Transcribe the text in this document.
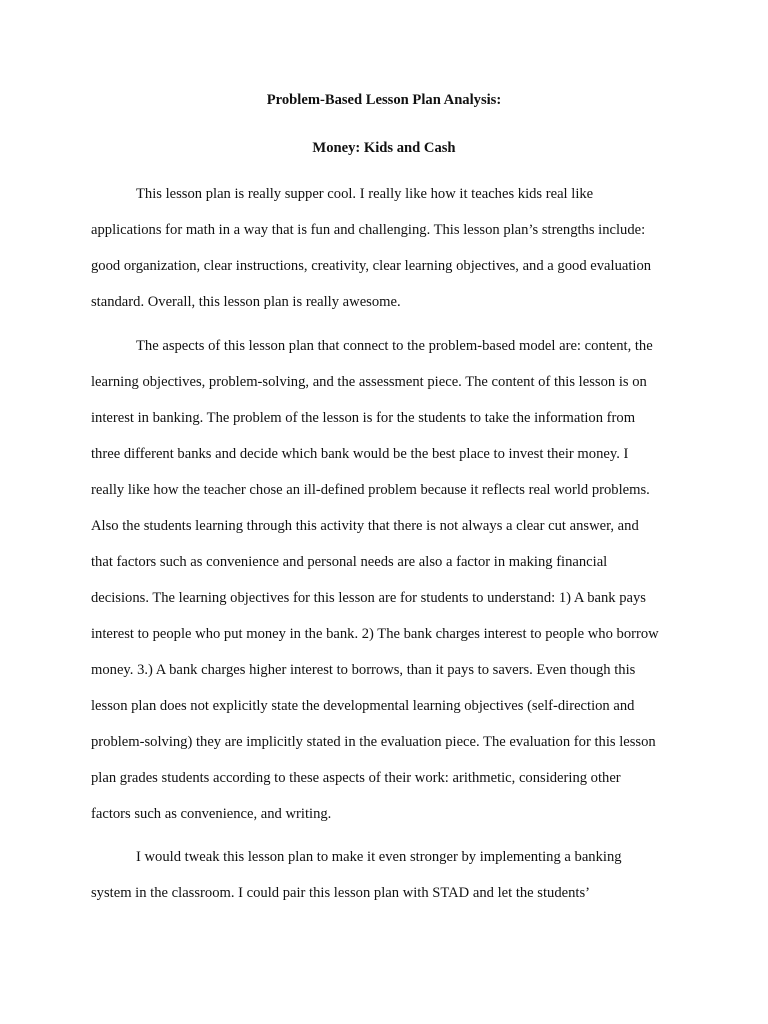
Problem-Based Lesson Plan Analysis:
Money: Kids and Cash
This lesson plan is really supper cool. I really like how it teaches kids real like
applications for math in a way that is fun and challenging. This lesson plan’s strengths include:
good organization, clear instructions, creativity, clear learning objectives, and a good evaluation
standard. Overall, this lesson plan is really awesome.
The aspects of this lesson plan that connect to the problem-based model are: content, the
learning objectives, problem-solving, and the assessment piece. The content of this lesson is on
interest in banking. The problem of the lesson is for the students to take the information from
three different banks and decide which bank would be the best place to invest their money. I
really like how the teacher chose an ill-defined problem because it reflects real world problems.
Also the students learning through this activity that there is not always a clear cut answer, and
that factors such as convenience and personal needs are also a factor in making financial
decisions. The learning objectives for this lesson are for students to understand: 1) A bank pays
interest to people who put money in the bank. 2) The bank charges interest to people who borrow
money. 3.) A bank charges higher interest to borrows, than it pays to savers. Even though this
lesson plan does not explicitly state the developmental learning objectives (self-direction and
problem-solving) they are implicitly stated in the evaluation piece. The evaluation for this lesson
plan grades students according to these aspects of their work: arithmetic, considering other
factors such as convenience, and writing.
I would tweak this lesson plan to make it even stronger by implementing a banking
system in the classroom. I could pair this lesson plan with STAD and let the students’
